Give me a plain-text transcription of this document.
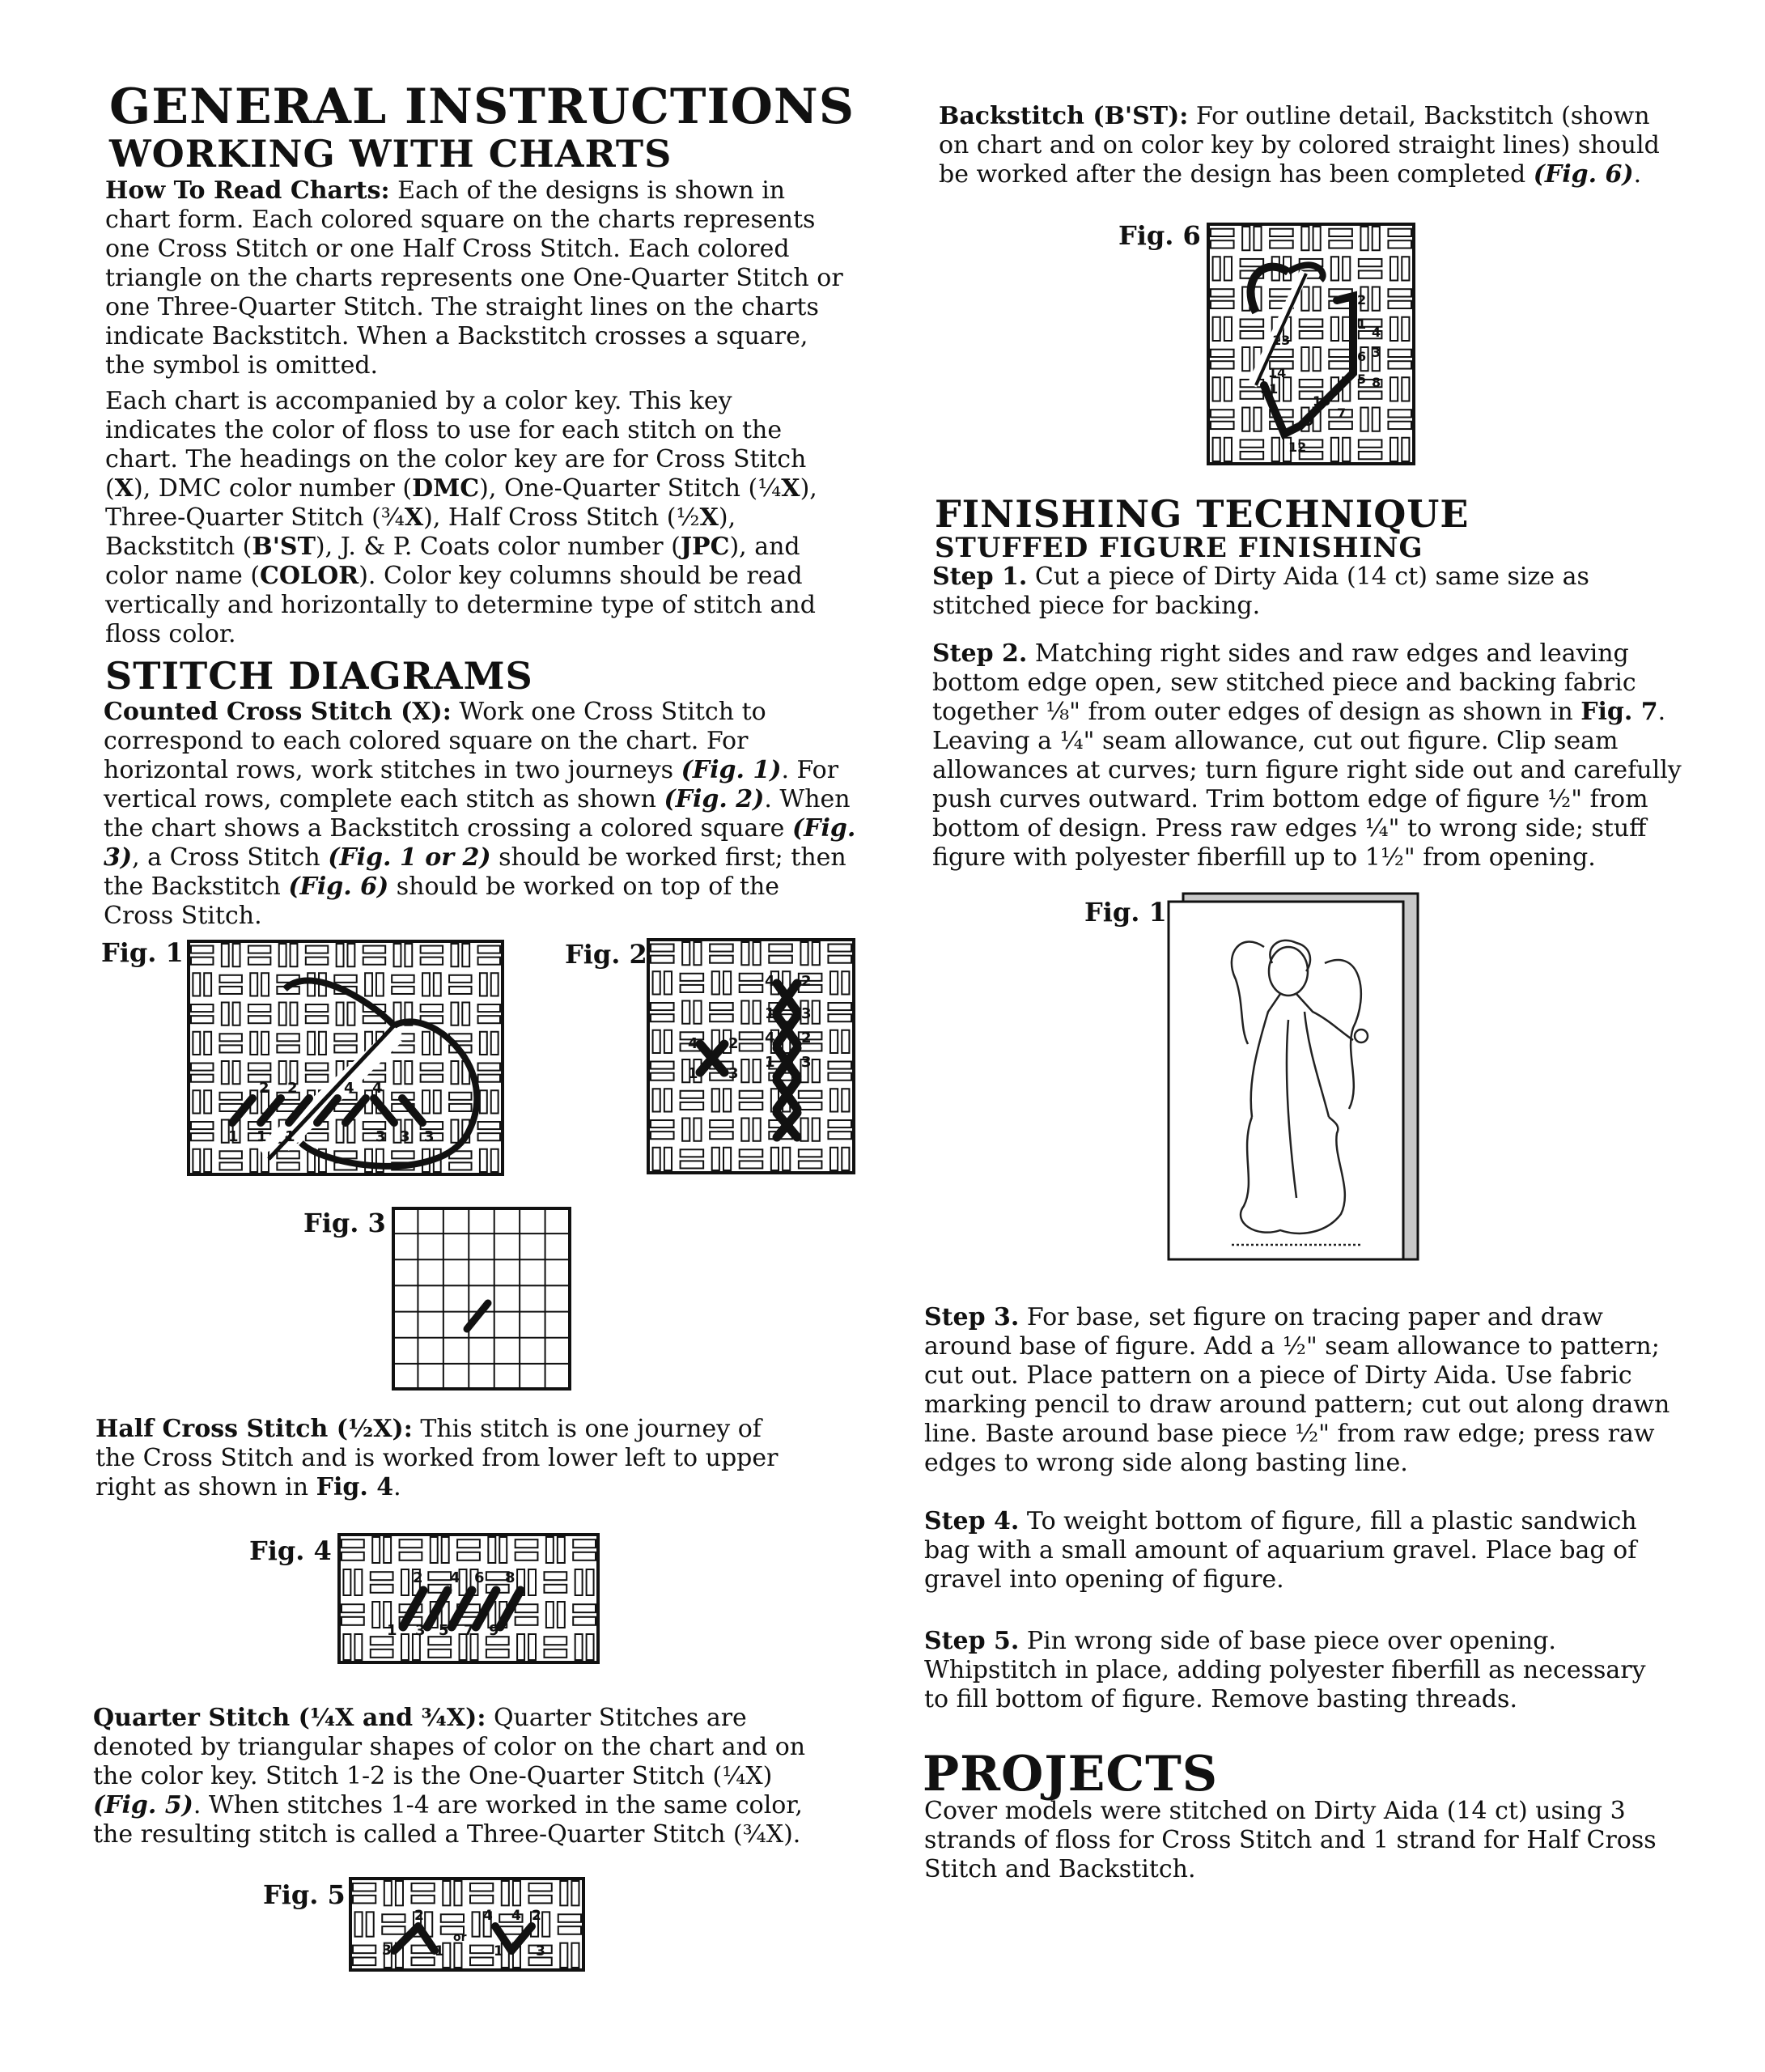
GENERAL INSTRUCTIONS
WORKING WITH CHARTS

How To Read Charts: Each of the designs is shown in chart form. Each colored square on the charts represents one Cross Stitch or one Half Cross Stitch. Each colored triangle on the charts represents one One-Quarter Stitch or one Three-Quarter Stitch. The straight lines on the charts indicate Backstitch. When a Backstitch crosses a square, the symbol is omitted.

Each chart is accompanied by a color key. This key indicates the color of floss to use for each stitch on the chart. The headings on the color key are for Cross Stitch (X), DMC color number (DMC), One-Quarter Stitch (¼X), Three-Quarter Stitch (¾X), Half Cross Stitch (½X), Backstitch (B'ST), J. & P. Coats color number (JPC), and color name (COLOR). Color key columns should be read vertically and horizontally to determine type of stitch and floss color.

STITCH DIAGRAMS

Counted Cross Stitch (X): Work one Cross Stitch to correspond to each colored square on the chart. For horizontal rows, work stitches in two journeys (Fig. 1). For vertical rows, complete each stitch as shown (Fig. 2). When the chart shows a Backstitch crossing a colored square (Fig. 3), a Cross Stitch (Fig. 1 or 2) should be worked first; then the Backstitch (Fig. 6) should be worked on top of the Cross Stitch.

Fig. 1
2 2	4 4
1 1 1	3 3 3
Fig. 2
4 2
1 3
4 2
1 3
4 2
1 3
Fig. 3

Half Cross Stitch (½X): This stitch is one journey of the Cross Stitch and is worked from lower left to upper right as shown in Fig. 4.

Fig. 4
2 4 6 8
1 3 5 7 9

Quarter Stitch (¼X and ¾X): Quarter Stitches are denoted by triangular shapes of color on the chart and on the color key. Stitch 1-2 is the One-Quarter Stitch (¼X) (Fig. 5). When stitches 1-4 are worked in the same color, the resulting stitch is called a Three-Quarter Stitch (¾X).

Fig. 5
3
2
1
or
4
1
2
3
4

Backstitch (B'ST): For outline detail, Backstitch (shown on chart and on color key by colored straight lines) should be worked after the design has been completed (Fig. 6).

Fig. 6
2
1
4
13
3
6
14	5 8
11
10
9
7
12
FINISHING TECHNIQUE
STUFFED FIGURE FINISHING

Step 1. Cut a piece of Dirty Aida (14 ct) same size as stitched piece for backing.

Step 2. Matching right sides and raw edges and leaving bottom edge open, sew stitched piece and backing fabric together ⅛" from outer edges of design as shown in Fig. 7. Leaving a ¼" seam allowance, cut out figure. Clip seam allowances at curves; turn figure right side out and carefully push curves outward. Trim bottom edge of figure ½" from bottom of design. Press raw edges ¼" to wrong side; stuff figure with polyester fiberfill up to 1½" from opening.

Fig. 1

Step 3. For base, set figure on tracing paper and draw around base of figure. Add a ½" seam allowance to pattern; cut out. Place pattern on a piece of Dirty Aida. Use fabric marking pencil to draw around pattern; cut out along drawn line. Baste around base piece ½" from raw edge; press raw edges to wrong side along basting line.

Step 4. To weight bottom of figure, fill a plastic sandwich bag with a small amount of aquarium gravel. Place bag of gravel into opening of figure.

Step 5. Pin wrong side of base piece over opening. Whipstitch in place, adding polyester fiberfill as necessary to fill bottom of figure. Remove basting threads.

PROJECTS

Cover models were stitched on Dirty Aida (14 ct) using 3 strands of floss for Cross Stitch and 1 strand for Half Cross Stitch and Backstitch.
